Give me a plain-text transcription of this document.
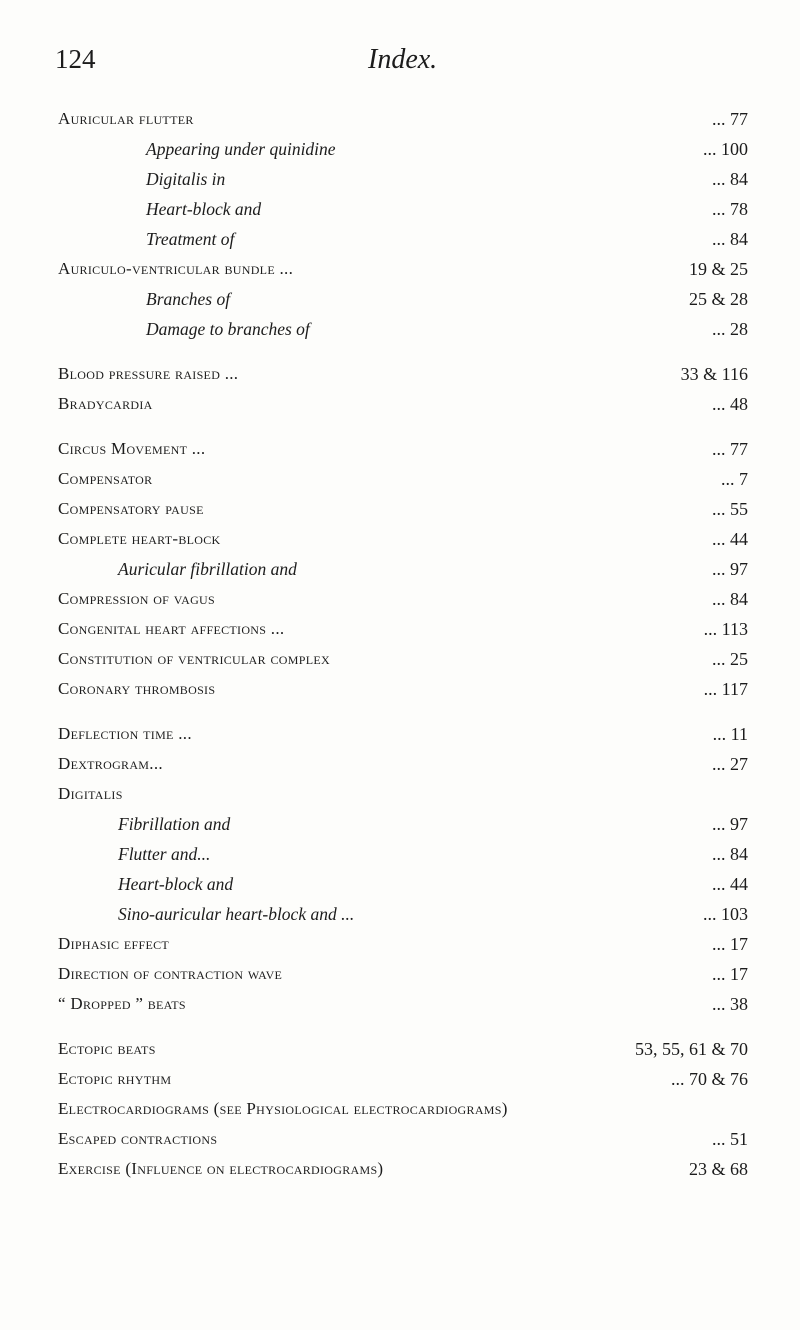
124	Index.
Auricular flutter	... 77
Appearing under quinidine	... 100
Digitalis in	... 84
Heart-block and	... 78
Treatment of	... 84
Auriculo-ventricular bundle ...	19 & 25
Branches of	25 & 28
Damage to branches of	... 28
Blood pressure raised ...	33 & 116
Bradycardia	... 48
Circus Movement ...	... 77
Compensator	... 7
Compensatory pause	... 55
Complete heart-block	... 44
Auricular fibrillation and	... 97
Compression of vagus	... 84
Congenital heart affections ...	... 113
Constitution of ventricular complex	... 25
Coronary thrombosis	... 117
Deflection time ...	... 11
Dextrogram...	... 27
Digitalis
Fibrillation and	... 97
Flutter and...	... 84
Heart-block and	... 44
Sino-auricular heart-block and ...	... 103
Diphasic effect	... 17
Direction of contraction wave	... 17
“ Dropped ” beats	... 38
Ectopic beats	53, 55, 61 & 70
Ectopic rhythm	... 70 & 76
Electrocardiograms (see Physiological electrocardiograms)
Escaped contractions	... 51
Exercise (Influence on electrocardiograms)	23 & 68
